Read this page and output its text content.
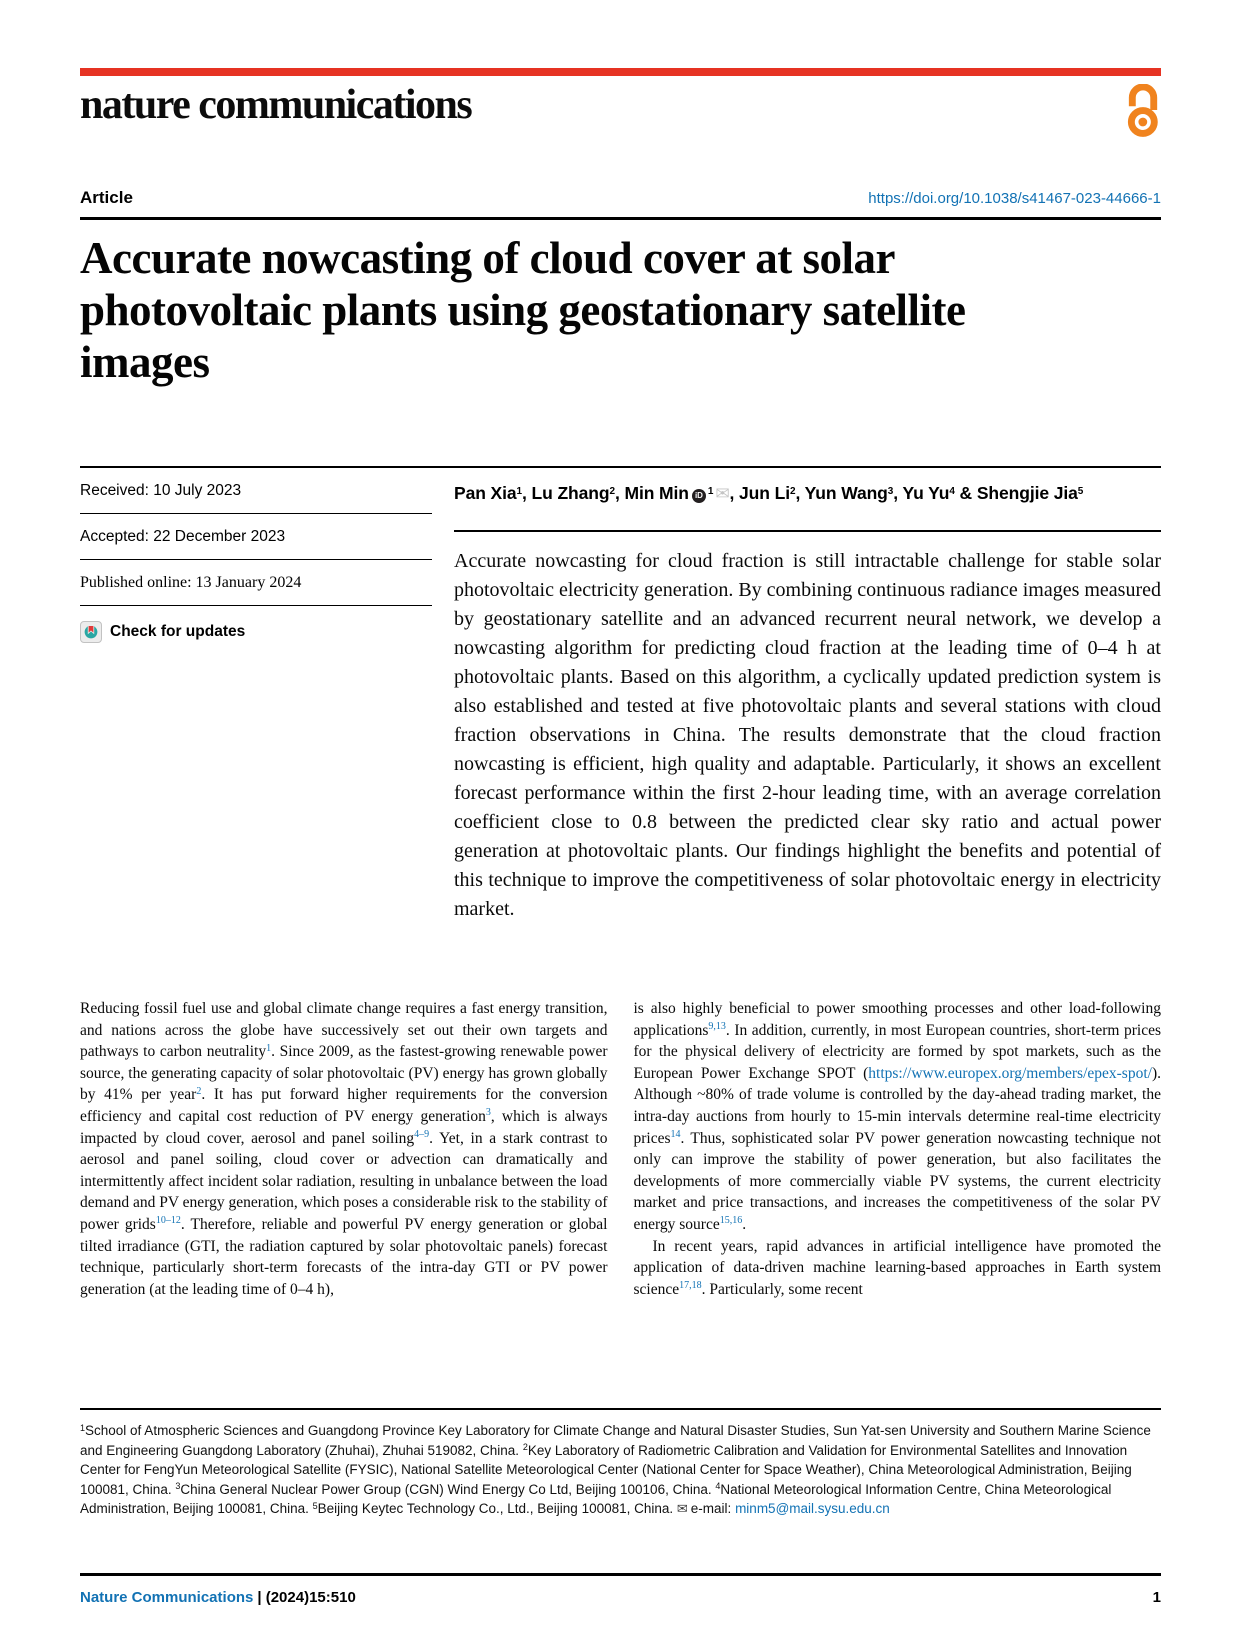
nature communications
Article	https://doi.org/10.1038/s41467-023-44666-1
Accurate nowcasting of cloud cover at solar photovoltaic plants using geostationary satellite images
Received: 10 July 2023
Accepted: 22 December 2023
Published online: 13 January 2024
Check for updates

Pan Xia$^1$, Lu Zhang$^2$, Min Min iD $^1$ ✉, Jun Li$^2$, Yun Wang$^3$, Yu Yu$^4$ & Shengjie Jia$^5$

Accurate nowcasting for cloud fraction is still intractable challenge for stable solar photovoltaic electricity generation. By combining continuous radiance images measured by geostationary satellite and an advanced recurrent neural network, we develop a nowcasting algorithm for predicting cloud fraction at the leading time of 0–4 h at photovoltaic plants. Based on this algorithm, a cyclically updated prediction system is also established and tested at five photovoltaic plants and several stations with cloud fraction observations in China. The results demonstrate that the cloud fraction nowcasting is efficient, high quality and adaptable. Particularly, it shows an excellent forecast performance within the first 2-hour leading time, with an average correlation coefficient close to 0.8 between the predicted clear sky ratio and actual power generation at photovoltaic plants. Our findings highlight the benefits and potential of this technique to improve the competitiveness of solar photovoltaic energy in electricity market.

Reducing fossil fuel use and global climate change requires a fast energy transition, and nations across the globe have successively set out their own targets and pathways to carbon neutrality$^1$. Since 2009, as the fastest-growing renewable power source, the generating capacity of solar photovoltaic (PV) energy has grown globally by 41% per year$^2$. It has put forward higher requirements for the conversion efficiency and capital cost reduction of PV energy generation$^3$, which is always impacted by cloud cover, aerosol and panel soiling$^{4-9}$. Yet, in a stark contrast to aerosol and panel soiling, cloud cover or advection can dramatically and intermittently affect incident solar radiation, resulting in unbalance between the load demand and PV energy generation, which poses a considerable risk to the stability of power grids$^{10-12}$. Therefore, reliable and powerful PV energy generation or global tilted irradiance (GTI, the radiation captured by solar photovoltaic panels) forecast technique, particularly short-term forecasts of the intra-day GTI or PV power generation (at the leading time of 0–4 h),

is also highly beneficial to power smoothing processes and other load-following applications$^{9,13}$. In addition, currently, in most European countries, short-term prices for the physical delivery of electricity are formed by spot markets, such as the European Power Exchange SPOT (https://www.europex.org/members/epex-spot/). Although ~80% of trade volume is controlled by the day-ahead trading market, the intra-day auctions from hourly to 15-min intervals determine real-time electricity prices$^{14}$. Thus, sophisticated solar PV power generation nowcasting technique not only can improve the stability of power generation, but also facilitates the developments of more commercially viable PV systems, the current electricity market and price transactions, and increases the competitiveness of the solar PV energy source$^{15,16}$.

In recent years, rapid advances in artificial intelligence have promoted the application of data-driven machine learning-based approaches in Earth system science$^{17,18}$. Particularly, some recent

$^1$School of Atmospheric Sciences and Guangdong Province Key Laboratory for Climate Change and Natural Disaster Studies, Sun Yat-sen University and Southern Marine Science and Engineering Guangdong Laboratory (Zhuhai), Zhuhai 519082, China. $^2$Key Laboratory of Radiometric Calibration and Validation for Environmental Satellites and Innovation Center for FengYun Meteorological Satellite (FYSIC), National Satellite Meteorological Center (National Center for Space Weather), China Meteorological Administration, Beijing 100081, China. $^3$China General Nuclear Power Group (CGN) Wind Energy Co Ltd, Beijing 100106, China. $^4$National Meteorological Information Centre, China Meteorological Administration, Beijing 100081, China. $^5$Beijing Keytec Technology Co., Ltd., Beijing 100081, China. ✉ e-mail: minm5@mail.sysu.edu.cn
Nature Communications | (2024)15:510	1
